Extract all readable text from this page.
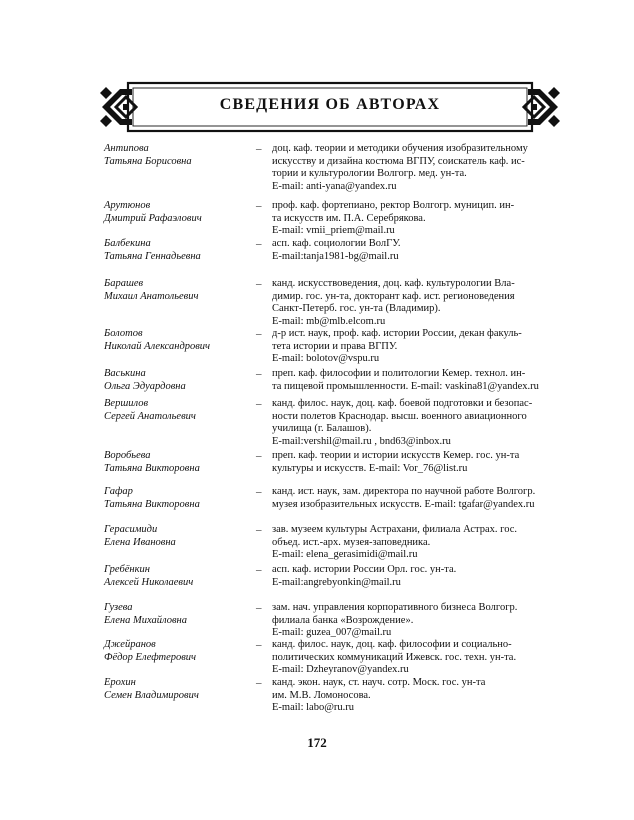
СВЕДЕНИЯ ОБ АВТОРАХ
Антипова
Татьяна Борисовна
– доц. каф. теории и методики обучения изобразительному
искусству и дизайна костюма ВГПУ, соискатель каф. ис-
тории и культурологии Волгогр. мед. ун-та.
E-mail: anti-yana@yandex.ru
Арутюнов
Дмитрий Рафаэлович
– проф. каф. фортепиано, ректор Волгогр. муницип. ин-
та искусств им. П.А. Серебрякова.
E-mail: vmii_priem@mail.ru
Балбекина
Татьяна Геннадьевна
– асп. каф. социологии ВолГУ.
E-mail:tanja1981-bg@mail.ru
Барашев
Михаил Анатольевич
– канд. искусствоведения, доц. каф. культурологии Вла-
димир. гос. ун-та, докторант каф. ист. регионоведения
Санкт-Петерб. гос. ун-та (Владимир).
E-mail: mb@mlb.elcom.ru
Болотов
Николай Александрович
– д-р ист. наук, проф. каф. истории России, декан факуль-
тета истории и права ВГПУ.
E-mail: bolotov@vspu.ru
Васькина
Ольга Эдуардовна
– преп. каф. философии и политологии Кемер. технол. ин-
та пищевой промышленности. E-mail: vaskina81@yandex.ru
Вершилов
Сергей Анатольевич
– канд. филос. наук, доц. каф. боевой подготовки и безопас-
ности полетов Краснодар. высш. военного авиационного
училища (г. Балашов).
E-mail:vershil@mail.ru , bnd63@inbox.ru
Воробьева
Татьяна Викторовна
– преп. каф. теории и истории искусств Кемер. гос. ун-та
культуры и искусств. E-mail: Vor_76@list.ru
Гафар
Татьяна Викторовна
– канд. ист. наук, зам. директора по научной работе Волгогр.
музея изобразительных искусств. E-mail: tgafar@yandex.ru
Герасимиди
Елена Ивановна
– зав. музеем культуры Астрахани, филиала Астрах. гос.
объед. ист.-арх. музея-заповедника.
E-mail: elena_gerasimidi@mail.ru
Гребёнкин
Алексей Николаевич
– асп. каф. истории России Орл. гос. ун-та.
E-mail:angrebyonkin@mail.ru
Гузева
Елена Михайловна
– зам. нач. управления корпоративного бизнеса Волгогр.
филиала банка «Возрождение».
E-mail: guzea_007@mail.ru
Джейранов
Фёдор Елефтерович
– канд. филос. наук, доц. каф. философии и социально-
политических коммуникаций Ижевск. гос. техн. ун-та.
E-mail: Dzheyranov@yandex.ru
Ерохин
Семен Владимирович
– канд. экон. наук, ст. науч. сотр. Моск. гос. ун-та
им. М.В. Ломоносова.
E-mail: labo@ru.ru
172
